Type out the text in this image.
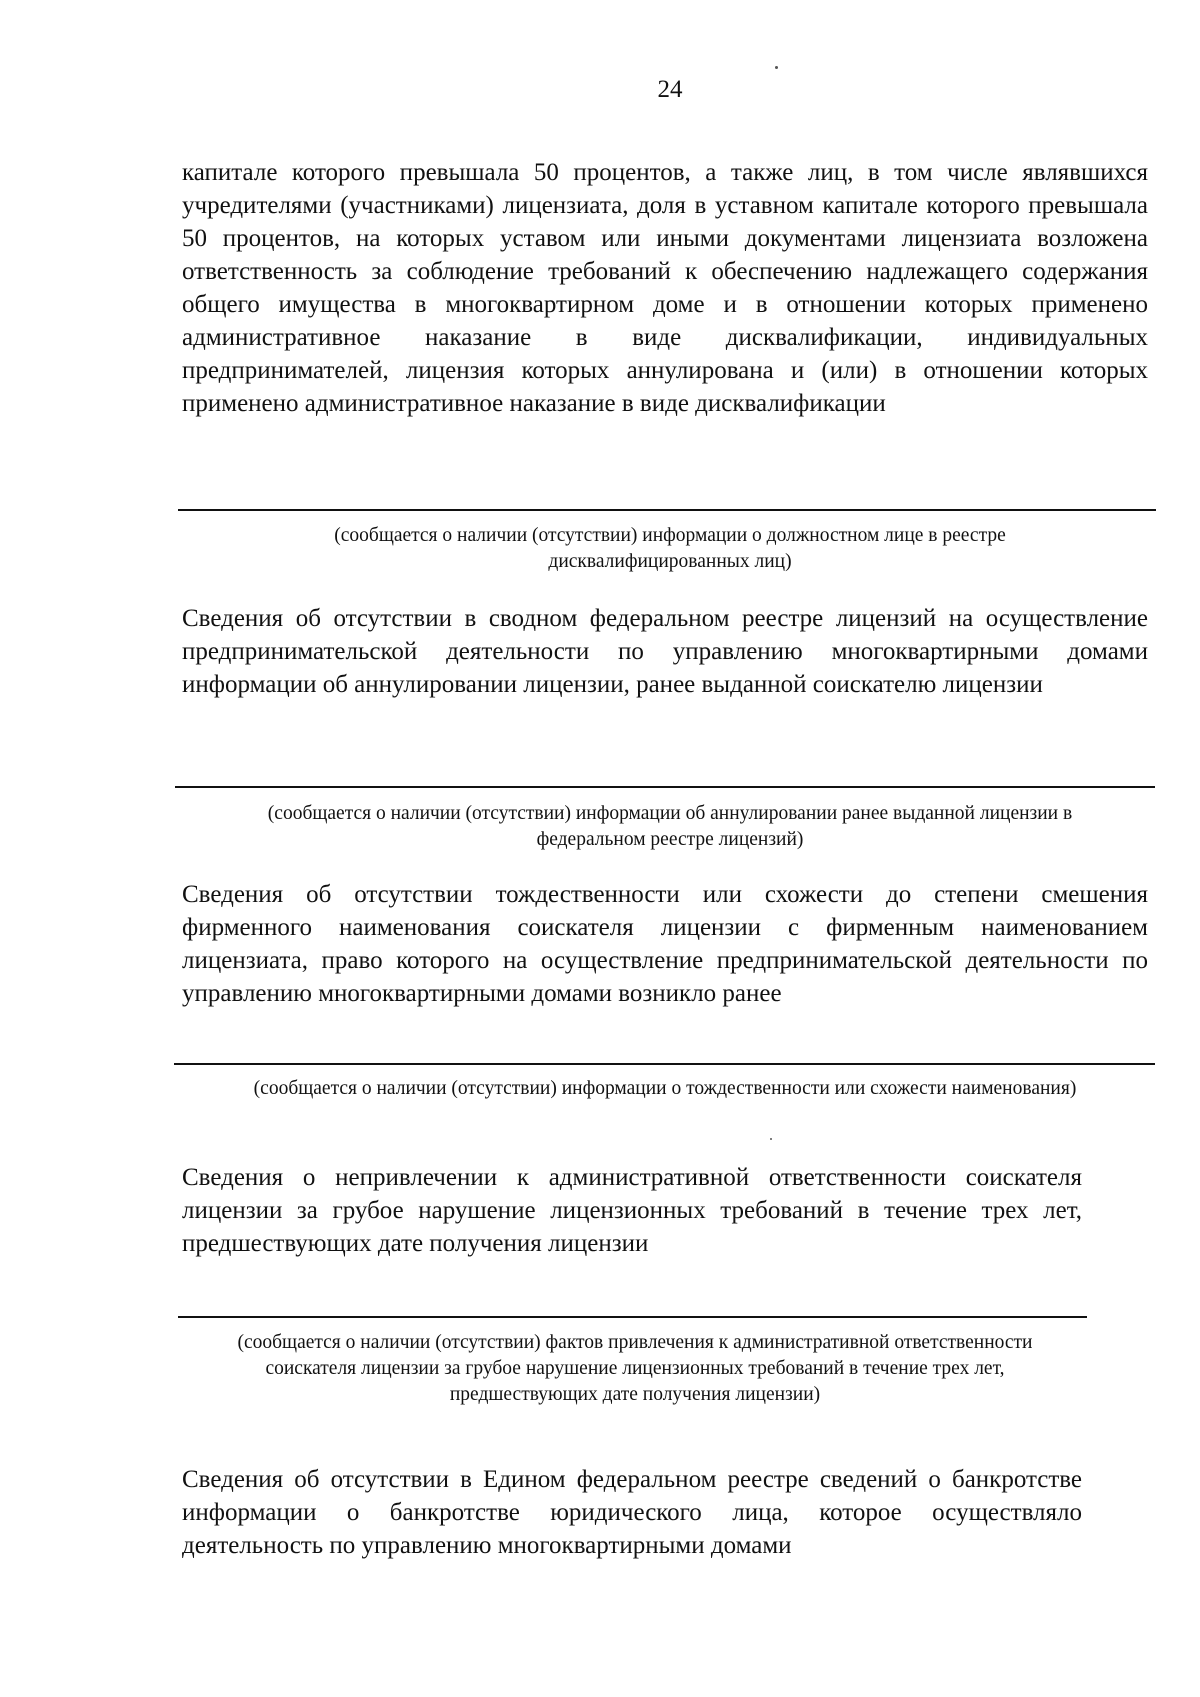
24

капитале которого превышала 50 процентов, а также лиц, в том числе являвшихся учредителями (участниками) лицензиата, доля в уставном капитале которого превышала 50 процентов, на которых уставом или иными документами лицензиата возложена ответственность за соблюдение требований к обеспечению надлежащего содержания общего имущества в многоквартирном доме и в отношении которых применено административное наказание в виде дисквалификации, индивидуальных предпринимателей, лицензия которых аннулирована и (или) в отношении которых применено административное наказание в виде дисквалификации

(сообщается о наличии (отсутствии) информации о должностном лице в реестре дисквалифицированных лиц)

Сведения об отсутствии в сводном федеральном реестре лицензий на осуществление предпринимательской деятельности по управлению многоквартирными домами информации об аннулировании лицензии, ранее выданной соискателю лицензии

(сообщается о наличии (отсутствии) информации об аннулировании ранее выданной лицензии в федеральном реестре лицензий)

Сведения об отсутствии тождественности или схожести до степени смешения фирменного наименования соискателя лицензии с фирменным наименованием лицензиата, право которого на осуществление предпринимательской деятельности по управлению многоквартирными домами возникло ранее

(сообщается о наличии (отсутствии) информации о тождественности или схожести наименования)

Сведения о непривлечении к административной ответственности соискателя лицензии за грубое нарушение лицензионных требований в течение трех лет, предшествующих дате получения лицензии

(сообщается о наличии (отсутствии) фактов привлечения к административной ответственности соискателя лицензии за грубое нарушение лицензионных требований в течение трех лет, предшествующих дате получения лицензии)

Сведения об отсутствии в Едином федеральном реестре сведений о банкротстве информации о банкротстве юридического лица, которое осуществляло деятельность по управлению многоквартирными домами
